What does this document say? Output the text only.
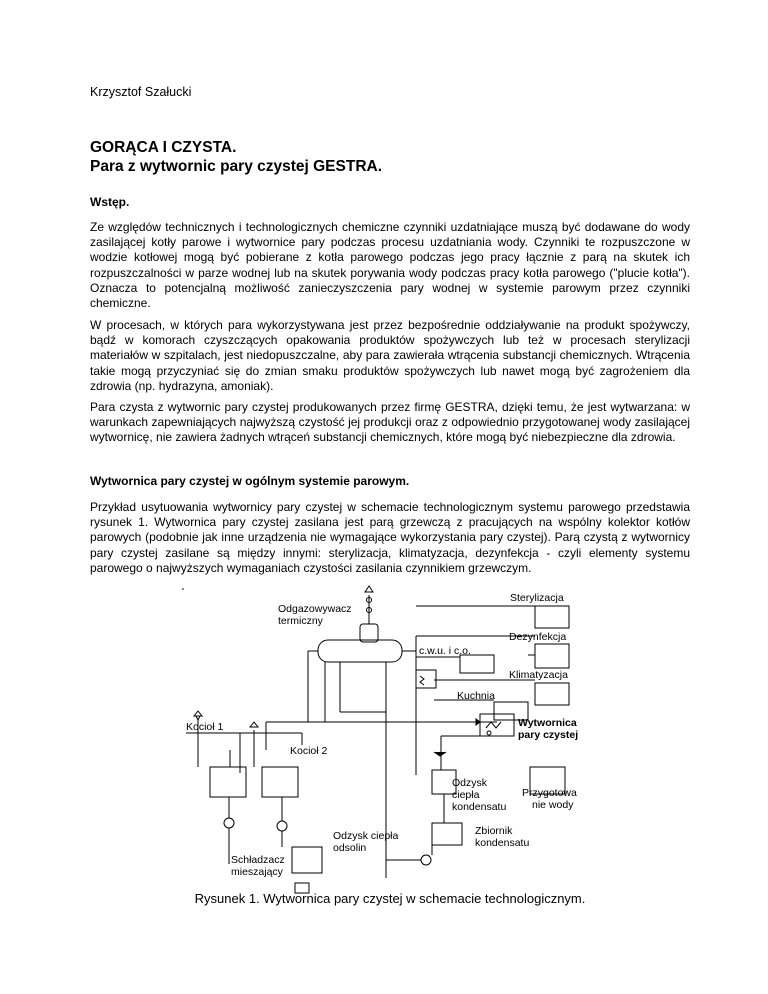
Krzysztof Szałucki
GORĄCA I CZYSTA.
Para z wytwornic pary czystej GESTRA.
Wstęp.

Ze względów technicznych i technologicznych chemiczne czynniki uzdatniające muszą być dodawane do wody zasilającej kotły parowe i wytwornice pary podczas procesu uzdatniania wody. Czynniki te rozpuszczone w wodzie kotłowej mogą być pobierane z kotła parowego podczas jego pracy łącznie z parą na skutek ich rozpuszczalności w parze wodnej lub na skutek porywania wody podczas pracy kotła parowego ("plucie kotła"). Oznacza to potencjalną możliwość zanieczyszczenia pary wodnej w systemie parowym przez czynniki chemiczne.

W procesach, w których para wykorzystywana jest przez bezpośrednie oddziaływanie na produkt spożywczy, bądź w komorach czyszczących opakowania produktów spożywczych lub też w procesach sterylizacji materiałów w szpitalach, jest niedopuszczalne, aby para zawierała wtrącenia substancji chemicznych. Wtrącenia takie mogą przyczyniać się do zmian smaku produktów spożywczych lub nawet mogą być zagrożeniem dla zdrowia (np. hydrazyna, amoniak).

Para czysta z wytwornic pary czystej produkowanych przez firmę GESTRA, dzięki temu, że jest wytwarzana: w warunkach zapewniających najwyższą czystość jej produkcji oraz z odpowiednio przygotowanej wody zasilającej wytwornicę, nie zawiera żadnych wtrąceń substancji chemicznych, które mogą być niebezpieczne dla zdrowia.

Wytwornica pary czystej w ogólnym systemie parowym.

Przykład usytuowania wytwornicy pary czystej w schemacie technologicznym systemu parowego przedstawia rysunek 1. Wytwornica pary czystej zasilana jest parą grzewczą z pracujących na wspólny kolektor kotłów parowych (podobnie jak inne urządzenia nie wymagające wykorzystania pary czystej). Parą czystą z wytwornicy pary czystej zasilane są między innymi: sterylizacja, klimatyzacja, dezynfekcja - czyli elementy systemu parowego o najwyższych wymaganiach czystości zasilania czynnikiem grzewczym.

Rysunek 1. Wytwornica pary czystej w schemacie technologicznym.
Odgazowywacz
termiczny
Sterylizacja
Dezynfekcja
c.w.u. i c.o.
Klimatyzacja
Kuchnia
Kocioł 1
Kocioł 2
Wytwornica
pary czystej
Odzysk
ciepła
kondensatu
Przygotowa
nie wody
Odzysk ciepła
odsolin
Zbiornik
kondensatu
Schładzacz
mieszający
